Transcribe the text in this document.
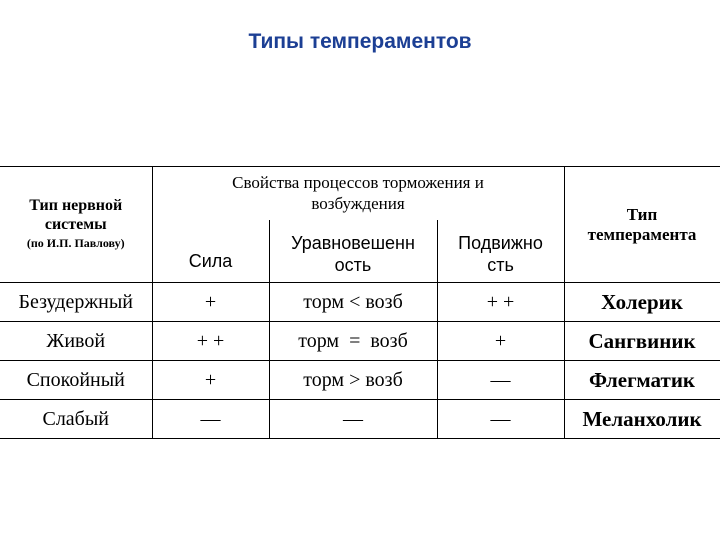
Типы темпераментов
Тип нервной
системы
(по И.П. Павлову)	Свойства процессов торможения и возбуждения			Тип темперамента
	Сила	Уравновешенн ость	Подвижно сть	
Безудержный	+	торм < возб	+ +	Холерик
Живой	+ +	торм  =  возб	+	Сангвиник
Спокойный	+	торм > возб	—	Флегматик
Слабый	—	—	—	Меланхолик
